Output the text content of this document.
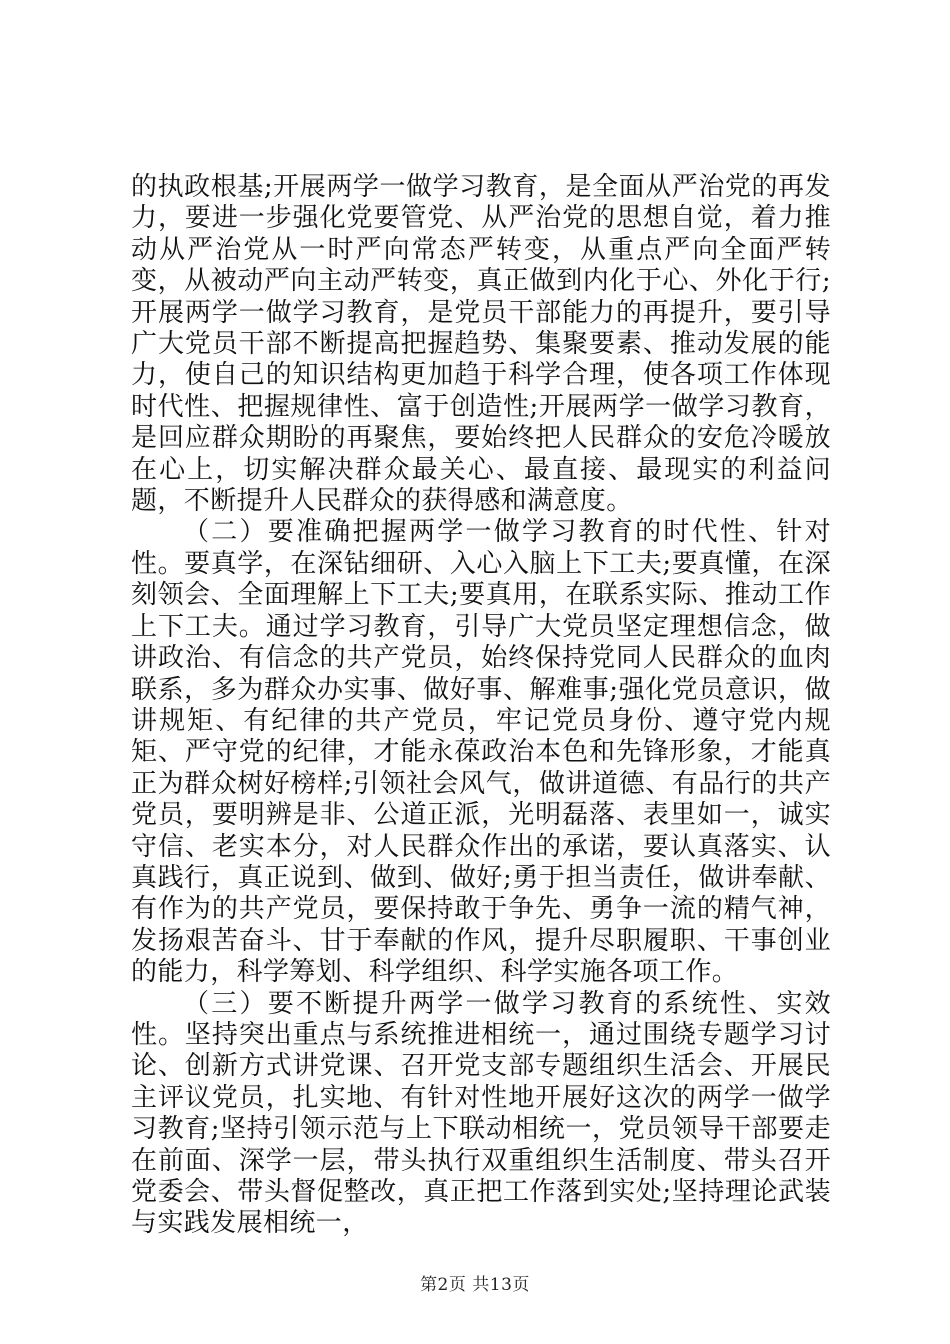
的执政根基;开展两学一做学习教育，是全面从严治党的再发力，要进一步强化党要管党、从严治党的思想自觉，着力推动从严治党从一时严向常态严转变，从重点严向全面严转变，从被动严向主动严转变，真正做到内化于心、外化于行;开展两学一做学习教育，是党员干部能力的再提升，要引导广大党员干部不断提高把握趋势、集聚要素、推动发展的能力，使自己的知识结构更加趋于科学合理，使各项工作体现时代性、把握规律性、富于创造性;开展两学一做学习教育，是回应群众期盼的再聚焦，要始终把人民群众的安危冷暖放在心上，切实解决群众最关心、最直接、最现实的利益问题，不断提升人民群众的获得感和满意度。

（二）要准确把握两学一做学习教育的时代性、针对性。要真学，在深钻细研、入心入脑上下工夫;要真懂，在深刻领会、全面理解上下工夫;要真用，在联系实际、推动工作上下工夫。通过学习教育，引导广大党员坚定理想信念，做讲政治、有信念的共产党员，始终保持党同人民群众的血肉联系，多为群众办实事、做好事、解难事;强化党员意识，做讲规矩、有纪律的共产党员，牢记党员身份、遵守党内规矩、严守党的纪律，才能永葆政治本色和先锋形象，才能真正为群众树好榜样;引领社会风气，做讲道德、有品行的共产党员，要明辨是非、公道正派，光明磊落、表里如一，诚实守信、老实本分，对人民群众作出的承诺，要认真落实、认真践行，真正说到、做到、做好;勇于担当责任，做讲奉献、有作为的共产党员，要保持敢于争先、勇争一流的精气神，发扬艰苦奋斗、甘于奉献的作风，提升尽职履职、干事创业的能力，科学筹划、科学组织、科学实施各项工作。

（三）要不断提升两学一做学习教育的系统性、实效性。坚持突出重点与系统推进相统一，通过围绕专题学习讨论、创新方式讲党课、召开党支部专题组织生活会、开展民主评议党员，扎实地、有针对性地开展好这次的两学一做学习教育;坚持引领示范与上下联动相统一，党员领导干部要走在前面、深学一层，带头执行双重组织生活制度、带头召开党委会、带头督促整改，真正把工作落到实处;坚持理论武装与实践发展相统一，

第2页 共13页
